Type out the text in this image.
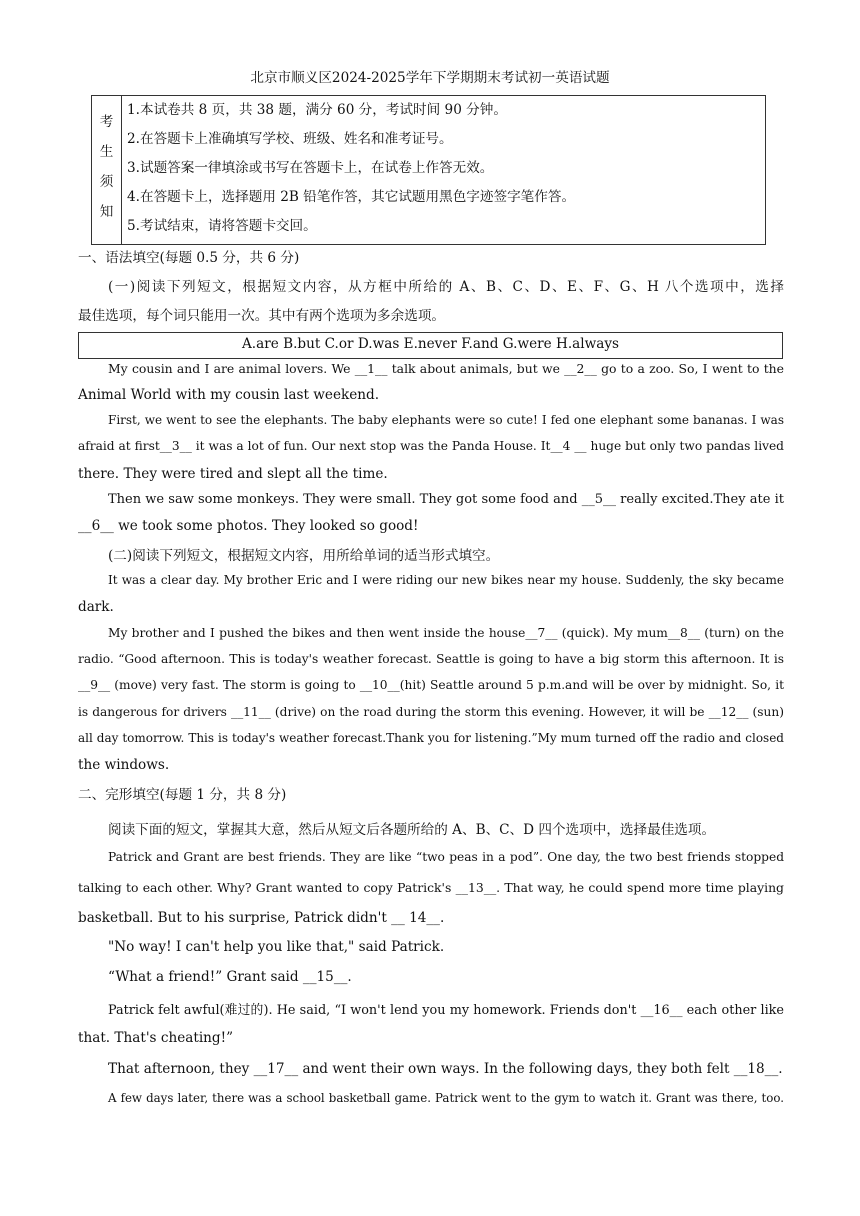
北京市顺义区2024-2025学年下学期期末考试初一英语试题
考
生
须
知
1.本试卷共 8 页，共 38 题，满分 60 分，考试时间 90 分钟。
2.在答题卡上准确填写学校、班级、姓名和准考证号。
3.试题答案一律填涂或书写在答题卡上，在试卷上作答无效。
4.在答题卡上，选择题用 2B 铅笔作答，其它试题用黑色字迹签字笔作答。
5.考试结束，请将答题卡交回。
一、语法填空(每题 0.5 分，共 6 分)
(一)阅读下列短文，根据短文内容，从方框中所给的 A、B、C、D、E、F、G、H 八个选项中，选择
最佳选项，每个词只能用一次。其中有两个选项为多余选项。
A.are B.but C.or D.was E.never F.and G.were H.always
My cousin and I are animal lovers. We __1__ talk about animals, but we __2__ go to a zoo. So, I went to the
Animal World with my cousin last weekend.
First, we went to see the elephants. The baby elephants were so cute! I fed one elephant some bananas. I was
afraid at first__3__ it was a lot of fun. Our next stop was the Panda House. It__4 __ huge but only two pandas lived
there. They were tired and slept all the time.
Then we saw some monkeys. They were small. They got some food and __5__ really excited.They ate it
__6__ we took some photos. They looked so good!
(二)阅读下列短文，根据短文内容，用所给单词的适当形式填空。
It was a clear day. My brother Eric and I were riding our new bikes near my house. Suddenly, the sky became
dark.
My brother and I pushed the bikes and then went inside the house__7__ (quick). My mum__8__ (turn) on the
radio. “Good afternoon. This is today's weather forecast. Seattle is going to have a big storm this afternoon. It is
__9__ (move) very fast. The storm is going to __10__(hit) Seattle around 5 p.m.and will be over by midnight. So, it
is dangerous for drivers __11__ (drive) on the road during the storm this evening. However, it will be __12__ (sun)
all day tomorrow. This is today's weather forecast.Thank you for listening.”My mum turned off the radio and closed
the windows.
二、完形填空(每题 1 分，共 8 分)
阅读下面的短文，掌握其大意，然后从短文后各题所给的 A、B、C、D 四个选项中，选择最佳选项。
Patrick and Grant are best friends. They are like “two peas in a pod”. One day, the two best friends stopped
talking to each other. Why? Grant wanted to copy Patrick's __13__. That way, he could spend more time playing
basketball. But to his surprise, Patrick didn't __ 14__.
"No way! I can't help you like that," said Patrick.
“What a friend!” Grant said __15__.
Patrick felt awful(难过的). He said, “I won't lend you my homework. Friends don't __16__ each other like
that. That's cheating!”
That afternoon, they __17__ and went their own ways. In the following days, they both felt __18__.
A few days later, there was a school basketball game. Patrick went to the gym to watch it. Grant was there, too.
